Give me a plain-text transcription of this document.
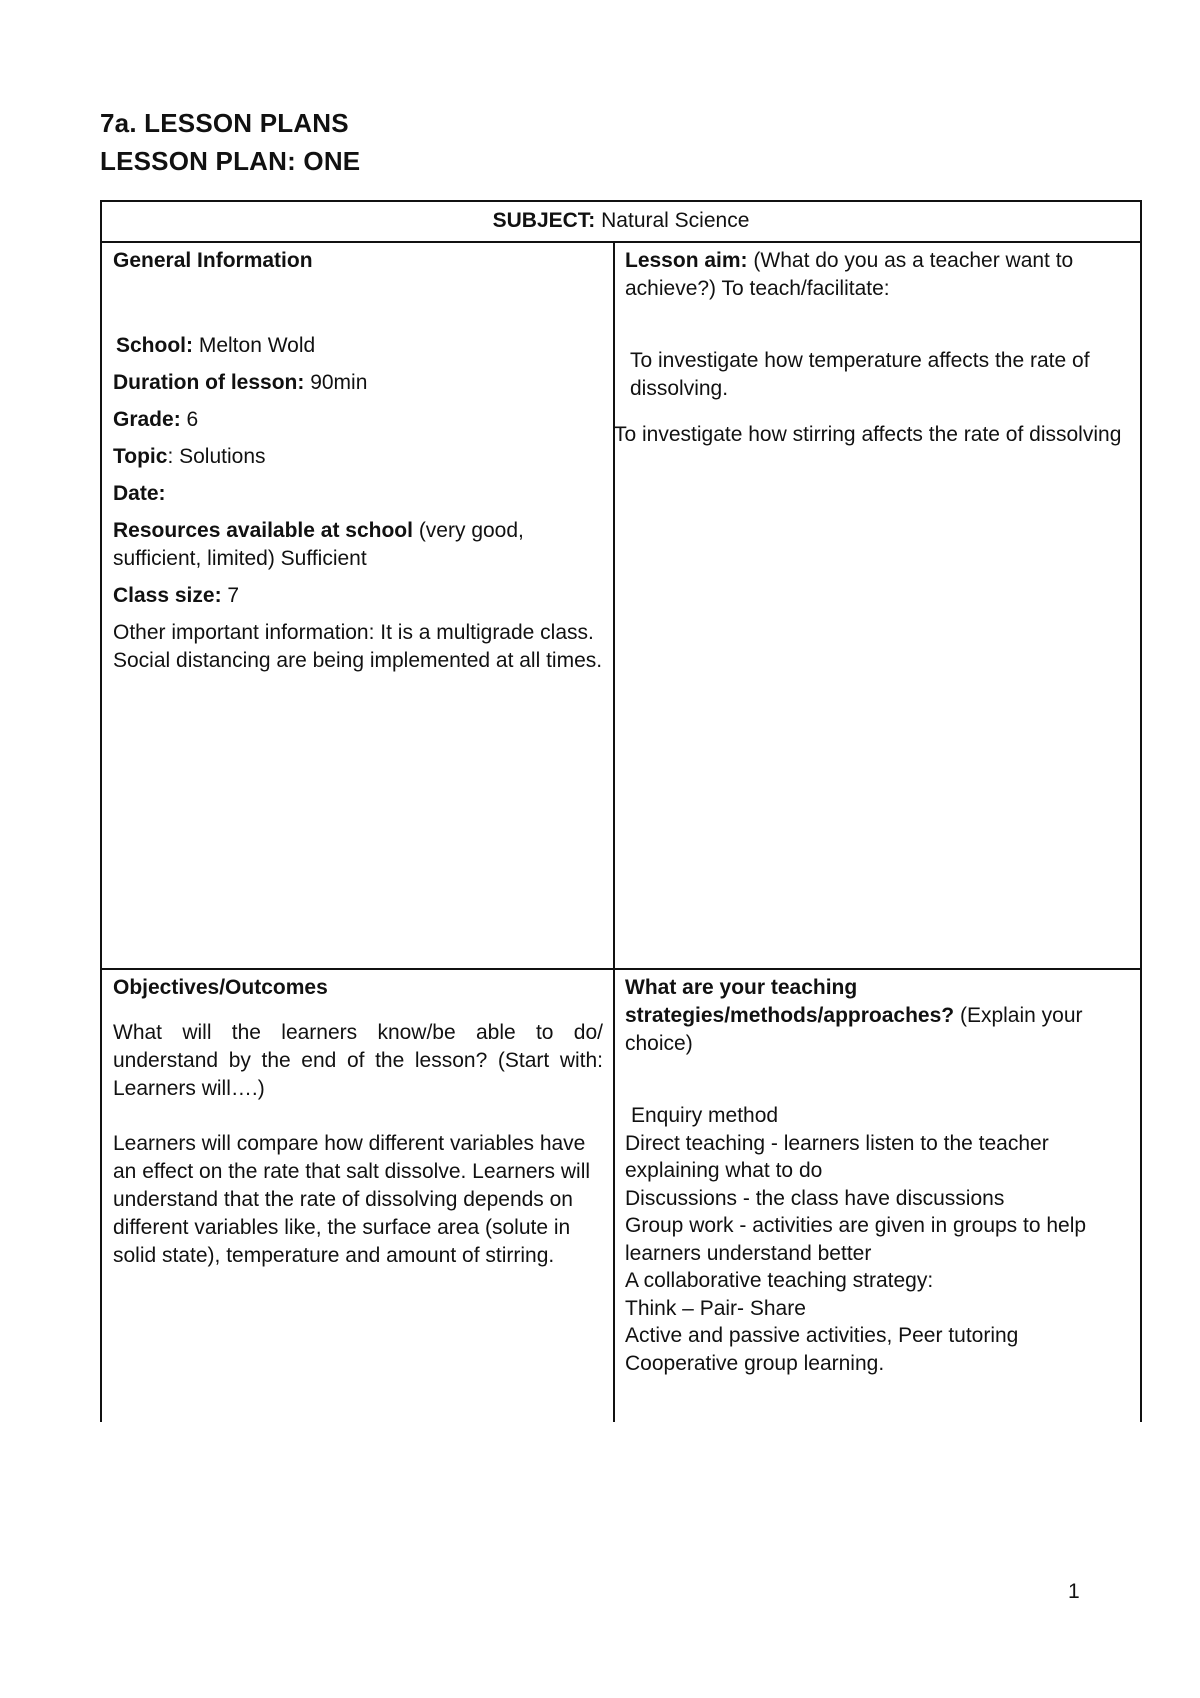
7a. LESSON PLANS
LESSON PLAN: ONE
SUBJECT: Natural Science

General Information

School: Melton Wold

Duration of lesson: 90min

Grade: 6

Topic: Solutions

Date:

Resources available at school (very good, sufficient, limited) Sufficient

Class size: 7

Other important information: It is a multigrade class. Social distancing are being implemented at all times.

Lesson aim: (What do you as a teacher want to achieve?) To teach/facilitate:

To investigate how temperature affects the rate of dissolving.

To investigate how stirring affects the rate of dissolving

Objectives/Outcomes

What will the learners know/be able to do/ understand by the end of the lesson? (Start with: Learners will….)

Learners will compare how different variables have an effect on the rate that salt dissolve. Learners will understand that the rate of dissolving depends on different variables like, the surface area (solute in solid state), temperature and amount of stirring.

What are your teaching strategies/methods/approaches? (Explain your choice)

Enquiry method

Direct teaching - learners listen to the teacher explaining what to do

Discussions - the class have discussions

Group work - activities are given in groups to help learners understand better

A collaborative teaching strategy:

Think – Pair- Share

Active and passive activities, Peer tutoring

Cooperative group learning.

1
